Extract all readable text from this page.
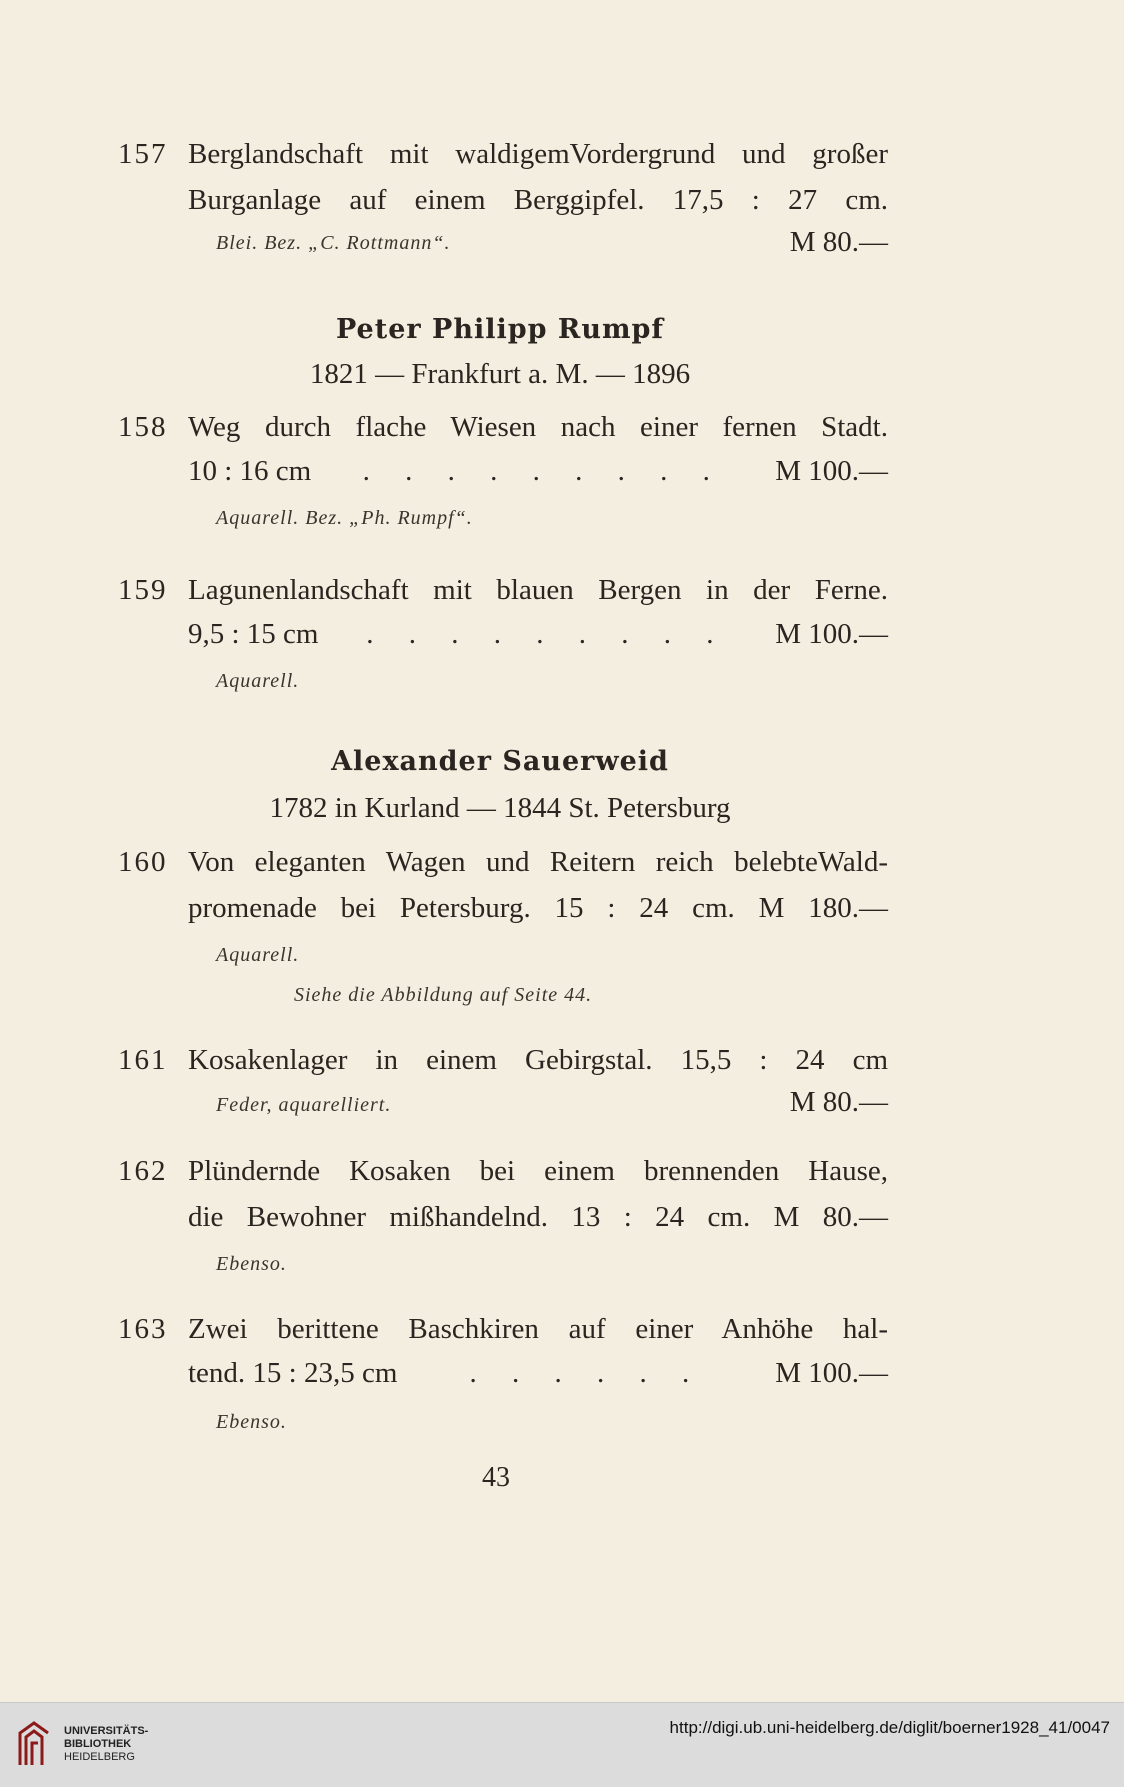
157 Berglandschaft mit waldigemVordergrund und großer
Burganlage auf einem Berggipfel. 17,5 : 27 cm.
Blei. Bez. „C. Rottmann“.	M 80.—
Peter Philipp Rumpf
1821 — Frankfurt a. M. — 1896
158 Weg durch flache Wiesen nach einer fernen Stadt.
10 : 16 cm	. . . . . . . . .	M 100.—
Aquarell. Bez. „Ph. Rumpf“.
159 Lagunenlandschaft mit blauen Bergen in der Ferne.
9,5 : 15 cm	. . . . . . . . .	M 100.—
Aquarell.
Alexander Sauerweid
1782 in Kurland — 1844 St. Petersburg
160 Von eleganten Wagen und Reitern reich belebteWald-
promenade bei Petersburg. 15 : 24 cm. M 180.—
Aquarell.
Siehe die Abbildung auf Seite 44.
161 Kosakenlager in einem Gebirgstal. 15,5 : 24 cm
Feder, aquarelliert.	M 80.—
162 Plündernde Kosaken bei einem brennenden Hause,
die Bewohner mißhandelnd. 13 : 24 cm. M 80.—
Ebenso.
163 Zwei berittene Baschkiren auf einer Anhöhe hal-
tend. 15 : 23,5 cm	. . . . . .	M 100.—
Ebenso.
43
UNIVERSITÄTS-
BIBLIOTHEK
HEIDELBERG
http://digi.ub.uni-heidelberg.de/diglit/boerner1928_41/0047
